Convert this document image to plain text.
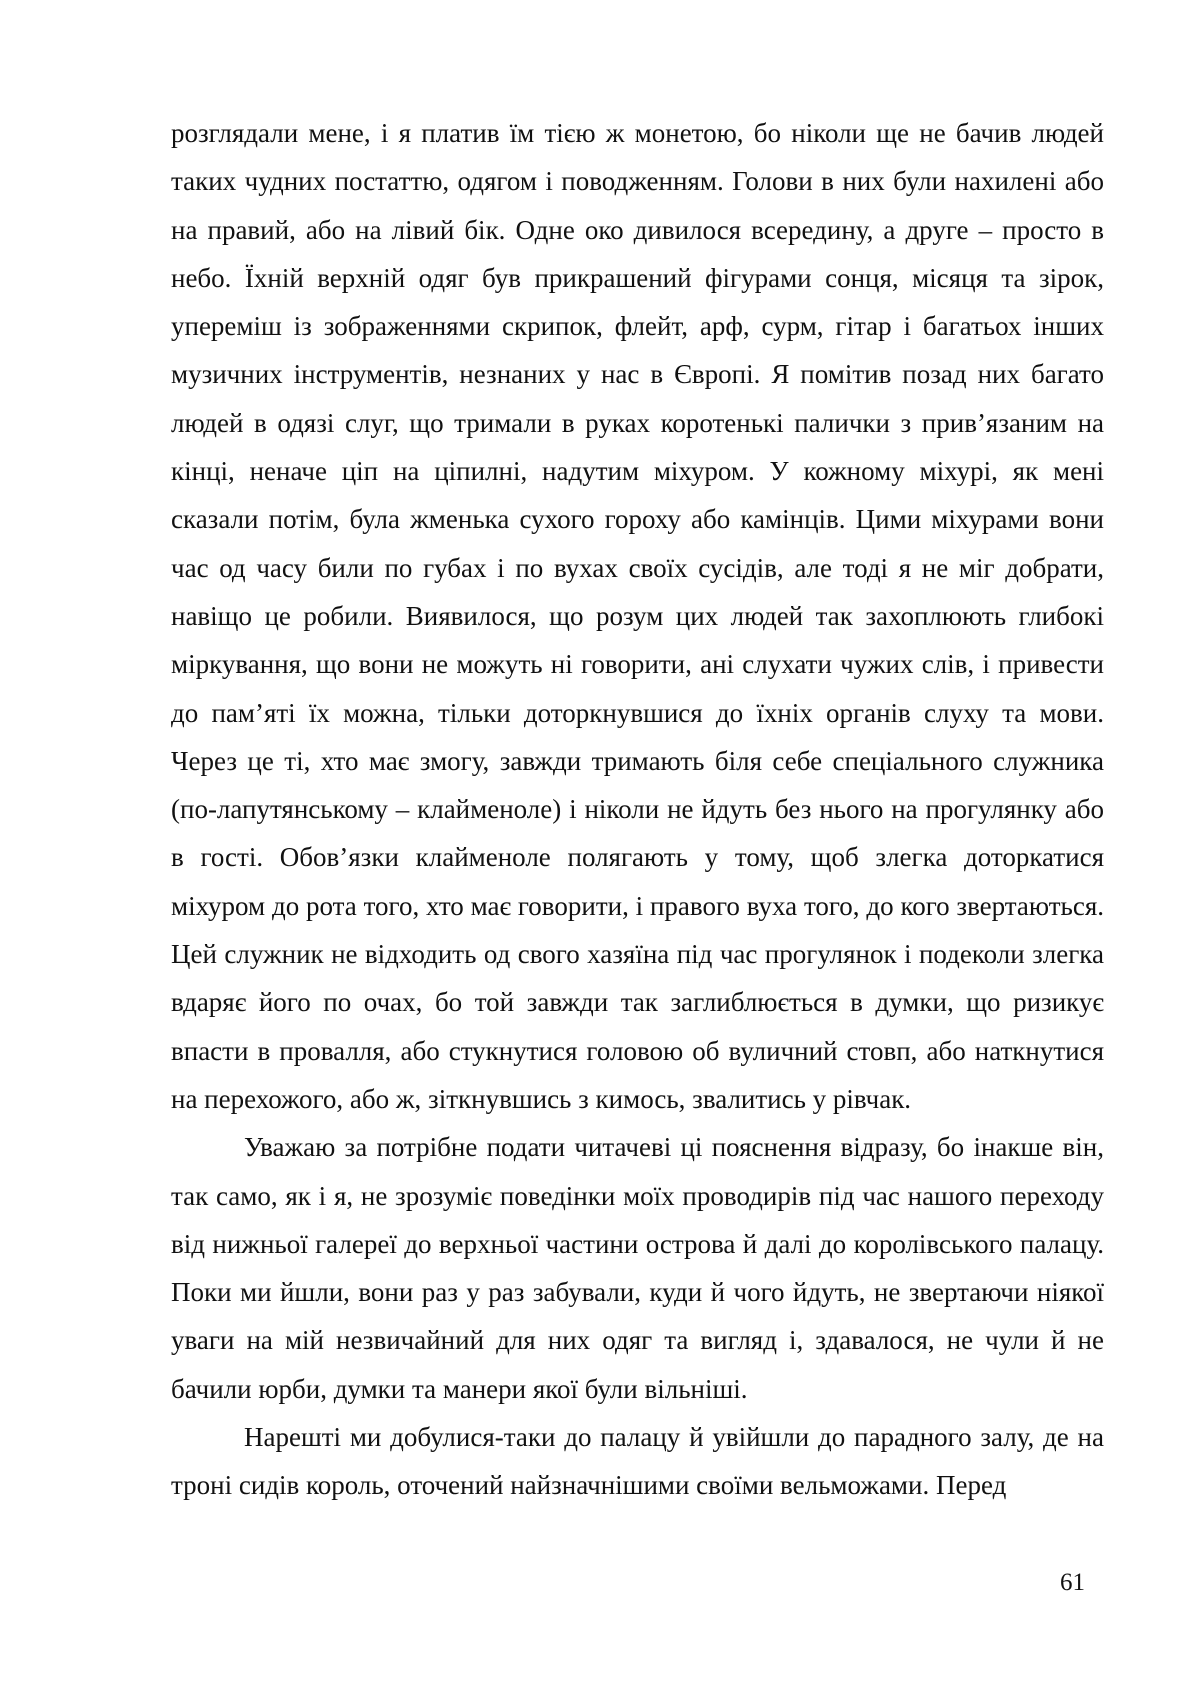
розглядали мене, і я платив їм тією ж монетою, бо ніколи ще не бачив людей таких чудних постаттю, одягом і поводженням. Голови в них були нахилені або на правий, або на лівий бік. Одне око дивилося всередину, а друге – просто в небо. Їхній верхній одяг був прикрашений фігурами сонця, місяця та зірок, упереміш із зображеннями скрипок, флейт, арф, сурм, гітар і багатьох інших музичних інструментів, незнаних у нас в Європі. Я помітив позад них багато людей в одязі слуг, що тримали в руках коротенькі палички з прив’язаним на кінці, неначе ціп на ціпилні, надутим міхуром. У кожному міхурі, як мені сказали потім, була жменька сухого гороху або камінців. Цими міхурами вони час од часу били по губах і по вухах своїх сусідів, але тоді я не міг добрати, навіщо це робили. Виявилося, що розум цих людей так захоплюють глибокі міркування, що вони не можуть ні говорити, ані слухати чужих слів, і привести до пам’яті їх можна, тільки доторкнувшися до їхніх органів слуху та мови. Через це ті, хто має змогу, завжди тримають біля себе спеціального служника (по-лапутянському – клайменоле) і ніколи не йдуть без нього на прогулянку або в гості. Обов’язки клайменоле полягають у тому, щоб злегка доторкатися міхуром до рота того, хто має говорити, і правого вуха того, до кого звертаються. Цей служник не відходить од свого хазяїна під час прогулянок і подеколи злегка вдаряє його по очах, бо той завжди так заглиблюється в думки, що ризикує впасти в провалля, або стукнутися головою об вуличний стовп, або наткнутися на перехожого, або ж, зіткнувшись з кимось, звалитись у рівчак.

Уважаю за потрібне подати читачеві ці пояснення відразу, бо інакше він, так само, як і я, не зрозуміє поведінки моїх проводирів під час нашого переходу від нижньої галереї до верхньої частини острова й далі до королівського палацу. Поки ми йшли, вони раз у раз забували, куди й чого йдуть, не звертаючи ніякої уваги на мій незвичайний для них одяг та вигляд і, здавалося, не чули й не бачили юрби, думки та манери якої були вільніші.

Нарешті ми добулися-таки до палацу й увійшли до парадного залу, де на троні сидів король, оточений найзначнішими своїми вельможами. Перед

61
